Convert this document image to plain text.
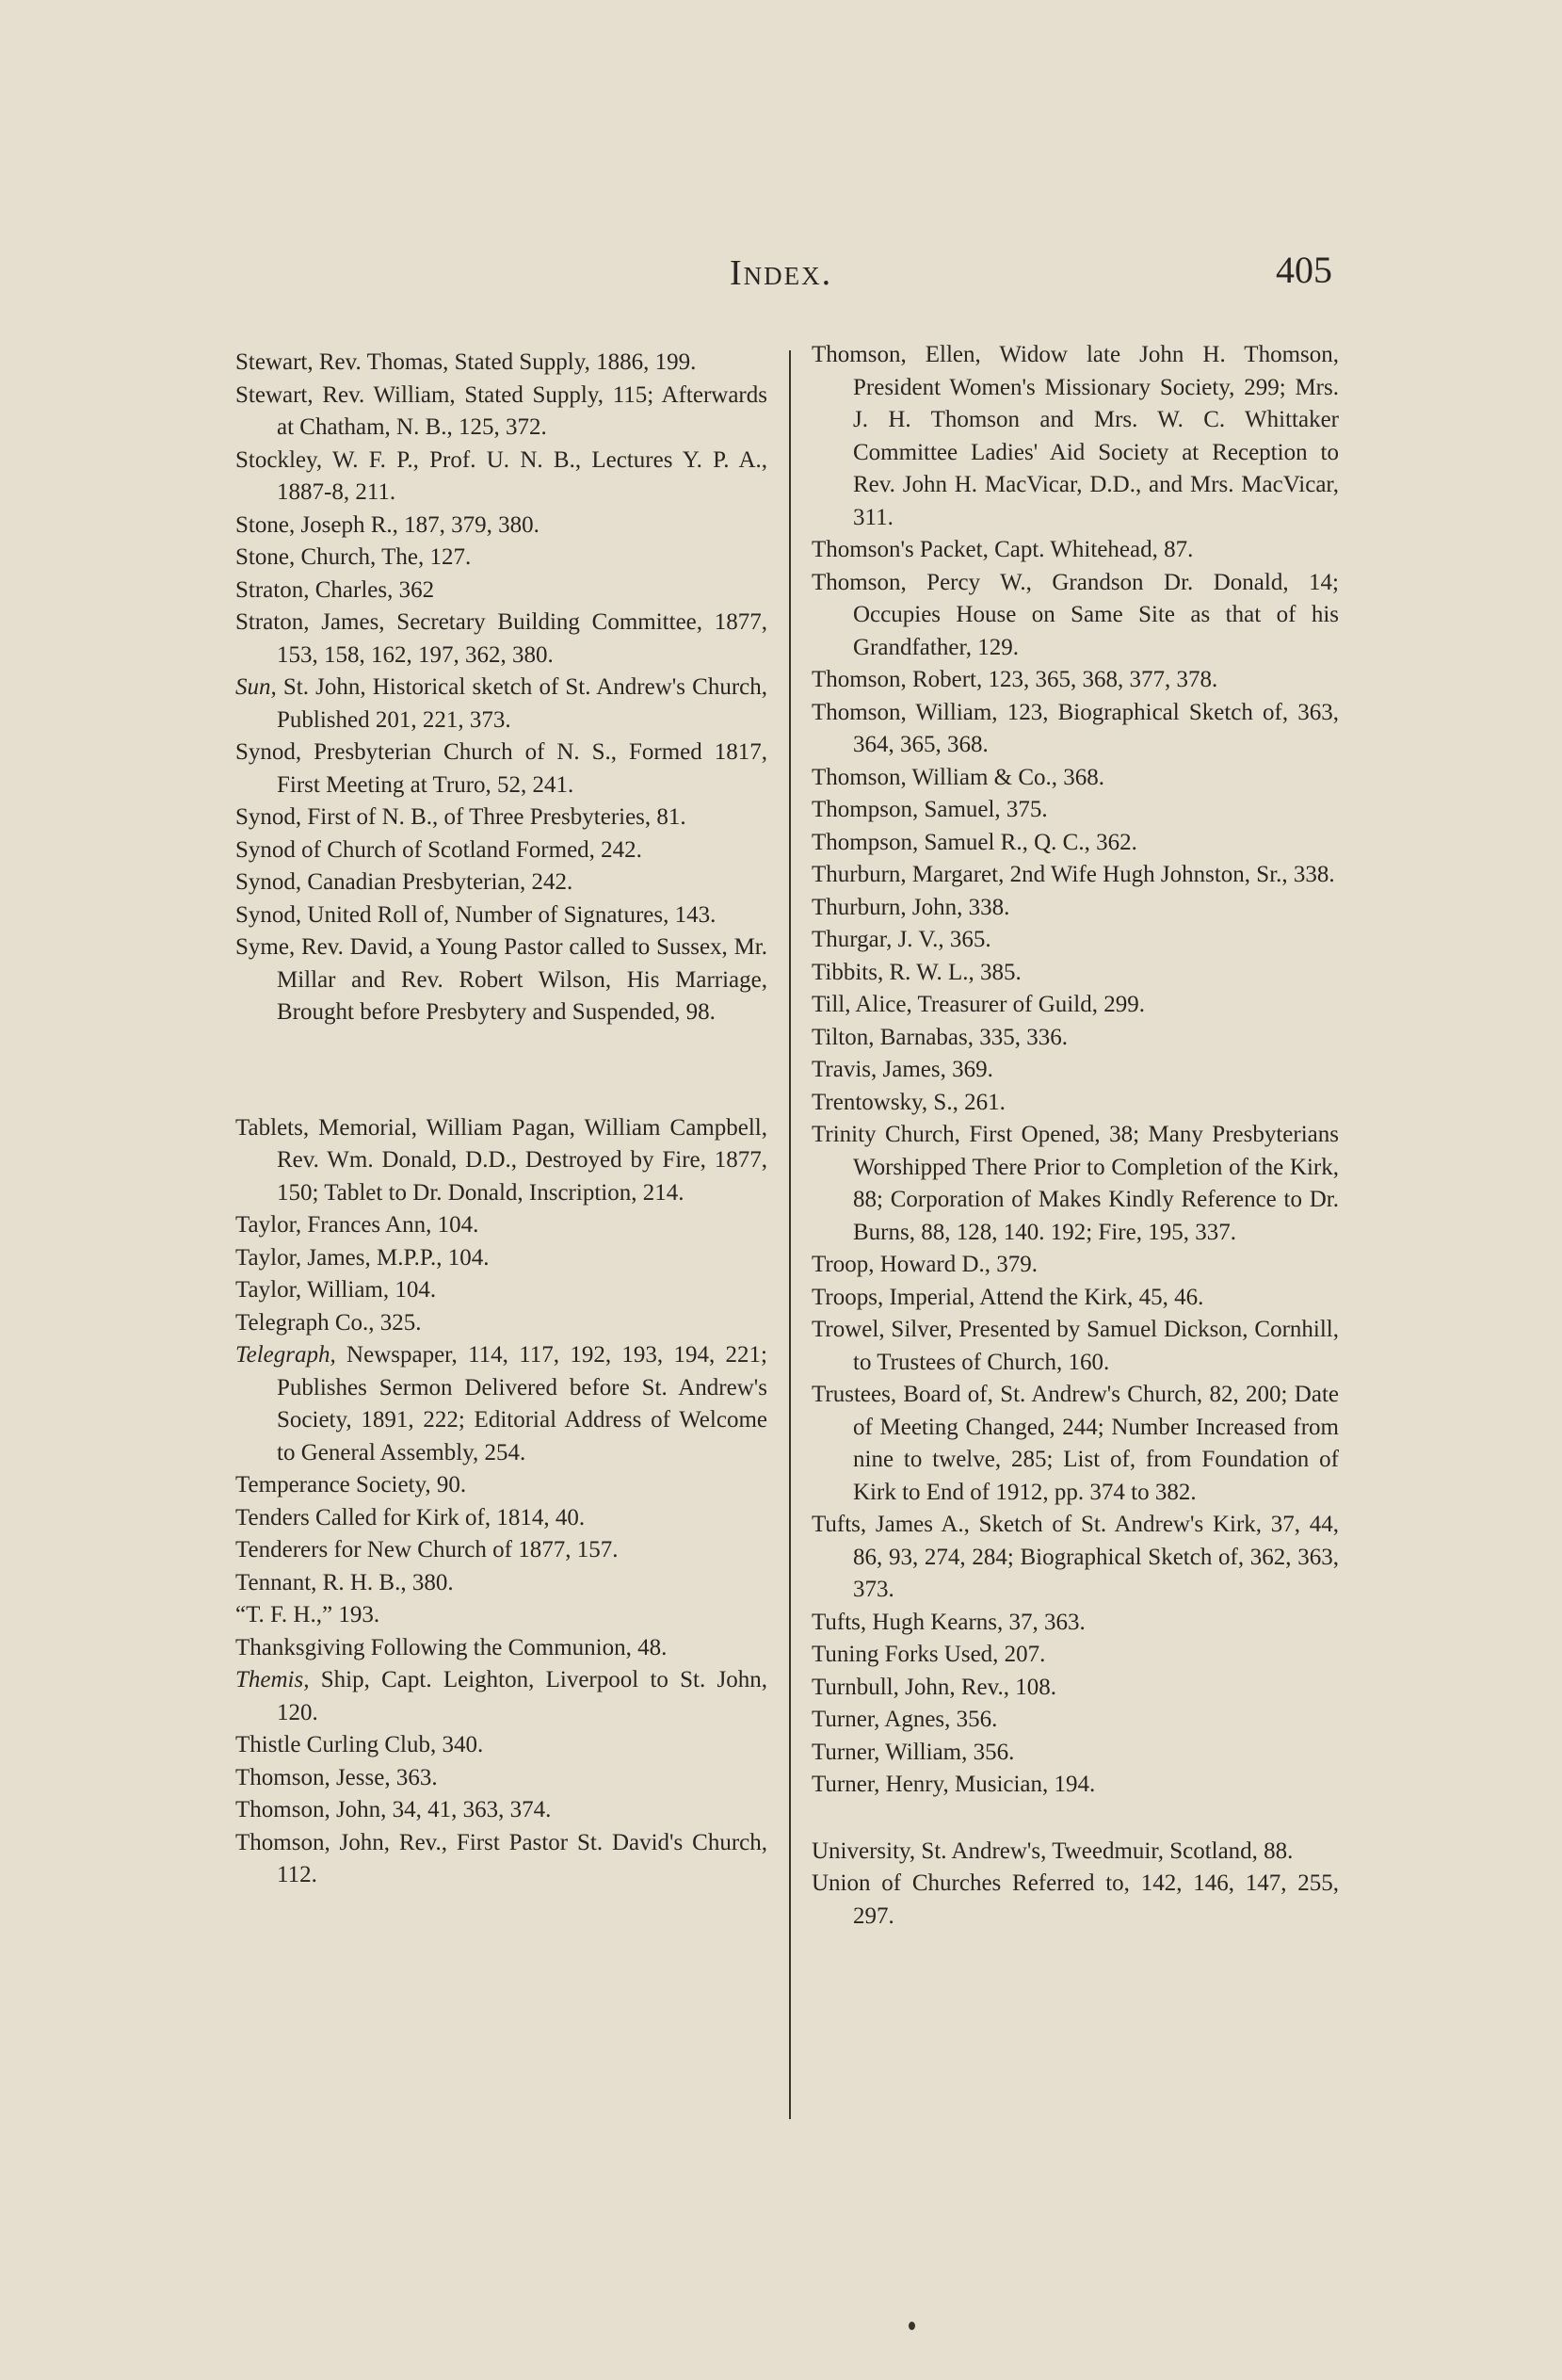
Index.	405

Stewart, Rev. Thomas, Stated Supply, 1886, 199.

Stewart, Rev. William, Stated Supply, 115; Afterwards at Chatham, N. B., 125, 372.

Stockley, W. F. P., Prof. U. N. B., Lectures Y. P. A., 1887-8, 211.

Stone, Joseph R., 187, 379, 380.

Stone, Church, The, 127.

Straton, Charles, 362

Straton, James, Secretary Building Committee, 1877, 153, 158, 162, 197, 362, 380.

Sun, St. John, Historical sketch of St. Andrew's Church, Published 201, 221, 373.

Synod, Presbyterian Church of N. S., Formed 1817, First Meeting at Truro, 52, 241.

Synod, First of N. B., of Three Presbyteries, 81.

Synod of Church of Scotland Formed, 242.

Synod, Canadian Presbyterian, 242.

Synod, United Roll of, Number of Signatures, 143.

Syme, Rev. David, a Young Pastor called to Sussex, Mr. Millar and Rev. Robert Wilson, His Marriage, Brought before Presbytery and Suspended, 98.

Tablets, Memorial, William Pagan, William Campbell, Rev. Wm. Donald, D.D., Destroyed by Fire, 1877, 150; Tablet to Dr. Donald, Inscription, 214.

Taylor, Frances Ann, 104.

Taylor, James, M.P.P., 104.

Taylor, William, 104.

Telegraph Co., 325.

Telegraph, Newspaper, 114, 117, 192, 193, 194, 221; Publishes Sermon Delivered before St. Andrew's Society, 1891, 222; Editorial Address of Welcome to General Assembly, 254.

Temperance Society, 90.

Tenders Called for Kirk of, 1814, 40.

Tenderers for New Church of 1877, 157.

Tennant, R. H. B., 380.

“T. F. H.,” 193.

Thanksgiving Following the Communion, 48.

Themis, Ship, Capt. Leighton, Liverpool to St. John, 120.

Thistle Curling Club, 340.

Thomson, Jesse, 363.

Thomson, John, 34, 41, 363, 374.

Thomson, John, Rev., First Pastor St. David's Church, 112.

Thomson, Ellen, Widow late John H. Thomson, President Women's Missionary Society, 299; Mrs. J. H. Thomson and Mrs. W. C. Whittaker Committee Ladies' Aid Society at Reception to Rev. John H. MacVicar, D.D., and Mrs. MacVicar, 311.

Thomson's Packet, Capt. Whitehead, 87.

Thomson, Percy W., Grandson Dr. Donald, 14; Occupies House on Same Site as that of his Grandfather, 129.

Thomson, Robert, 123, 365, 368, 377, 378.

Thomson, William, 123, Biographical Sketch of, 363, 364, 365, 368.

Thomson, William & Co., 368.

Thompson, Samuel, 375.

Thompson, Samuel R., Q. C., 362.

Thurburn, Margaret, 2nd Wife Hugh Johnston, Sr., 338.

Thurburn, John, 338.

Thurgar, J. V., 365.

Tibbits, R. W. L., 385.

Till, Alice, Treasurer of Guild, 299.

Tilton, Barnabas, 335, 336.

Travis, James, 369.

Trentowsky, S., 261.

Trinity Church, First Opened, 38; Many Presbyterians Worshipped There Prior to Completion of the Kirk, 88; Corporation of Makes Kindly Reference to Dr. Burns, 88, 128, 140. 192; Fire, 195, 337.

Troop, Howard D., 379.

Troops, Imperial, Attend the Kirk, 45, 46.

Trowel, Silver, Presented by Samuel Dickson, Cornhill, to Trustees of Church, 160.

Trustees, Board of, St. Andrew's Church, 82, 200; Date of Meeting Changed, 244; Number Increased from nine to twelve, 285; List of, from Foundation of Kirk to End of 1912, pp. 374 to 382.

Tufts, James A., Sketch of St. Andrew's Kirk, 37, 44, 86, 93, 274, 284; Biographical Sketch of, 362, 363, 373.

Tufts, Hugh Kearns, 37, 363.

Tuning Forks Used, 207.

Turnbull, John, Rev., 108.

Turner, Agnes, 356.

Turner, William, 356.

Turner, Henry, Musician, 194.

University, St. Andrew's, Tweedmuir, Scotland, 88.

Union of Churches Referred to, 142, 146, 147, 255, 297.
